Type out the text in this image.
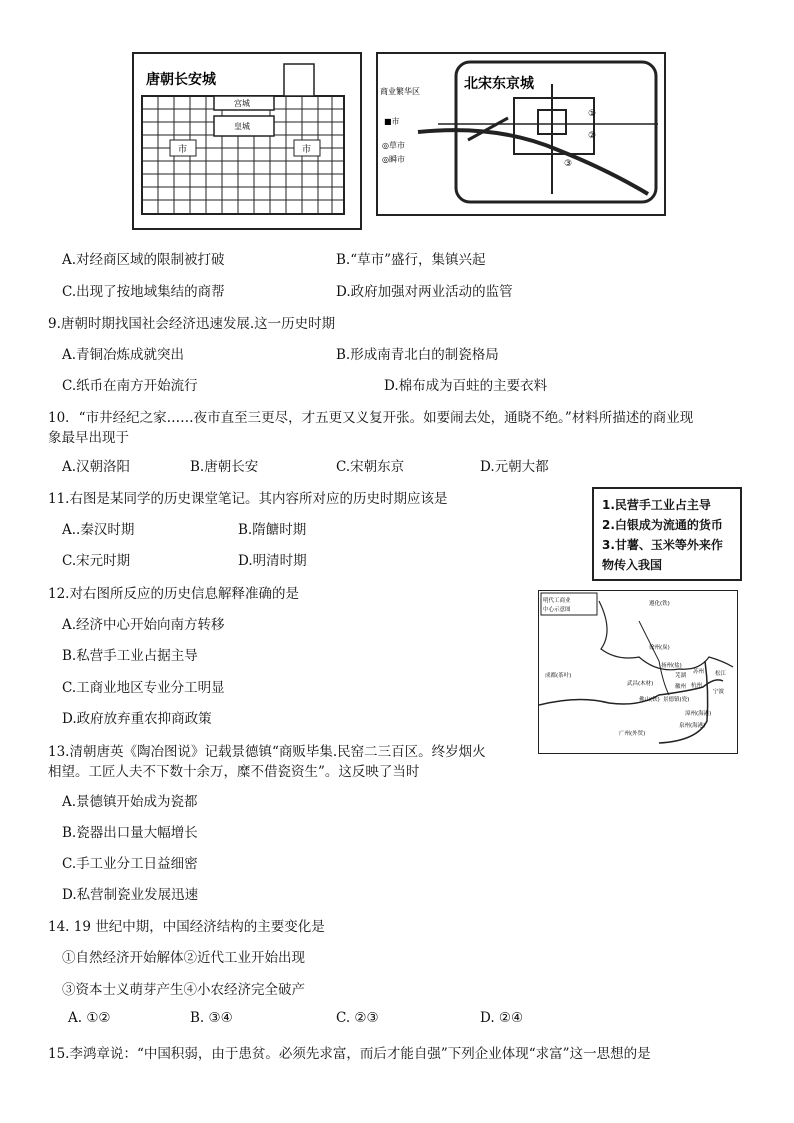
唐朝长安城
宫城
皇城
市	市
北宋东京城
商业繁华区
■市
◎草市
◎瞬市
①
②
③
A.对经商区域的限制被打破	B.“草市”盛行，集镇兴起
C.出现了按地域集结的商帮	D.政府加强对两业活动的监管
9.唐朝时期找国社会经济迅速发展.这一历史时期
A.青铜冶炼成就突出	B.形成南青北白的制瓷格局
C.纸币在南方开始流行	D.棉布成为百蛀的主要衣料
10．“市井经纪之家……夜市直至三更尽，才五更又义复开张。如要闹去处，通晓不绝。”材料所描述的商业现
象最早出现于
A.汉朝洛阳	B.唐朝长安	C.宋朝东京	D.元朝大都
11.右图是某同学的历史课堂笔记。其内容所对应的历史时期应该是
A..秦汉时期	B.隋餹时期
C.宋元时期	D.明清时期
1.民营手工业占主导
2.白银成为流通的货币
3.甘薯、玉米等外来作
物传入我国
12.对右图所反应的历史信息解释准确的是
A.经济中心开始向南方转移
B.私营手工业占据主导
C.工商业地区专业分工明显
D.政府放弃重农抑商政策
明代工商业
中心示意图
遵化(铁)
徐州(炭)
扬州(盐)
成都(茶叶)
武昌(木材)
芜湖
徽州
苏州 松江
宁波
杭州
佛山(铁) 景德镇(瓷)
漳州(海港)
泉州(海港)
广州(外贸)
13.清朝唐英《陶冶图说》记载景德镇“商贩毕集.民窑二三百区。终岁烟火
相望。工匠人夫不下数十余万，糜不借瓷资生”。这反映了当时
A.景德镇开始成为瓷都
B.瓷器出口量大幅增长
C.手工业分工日益细密
D.私营制瓷业发展迅速
14. 19 世纪中期，中国经济结构的主要变化是
①自然经济开始解体②近代工业开始出现
③资本士义萌芽产生④小农经济完全破产
A. ①②	B. ③④	C. ②③	D. ②④
15.李鸿章说：“中国积弱，由于患贫。必须先求富，而后才能自强”下列企业体现“求富”这一思想的是
